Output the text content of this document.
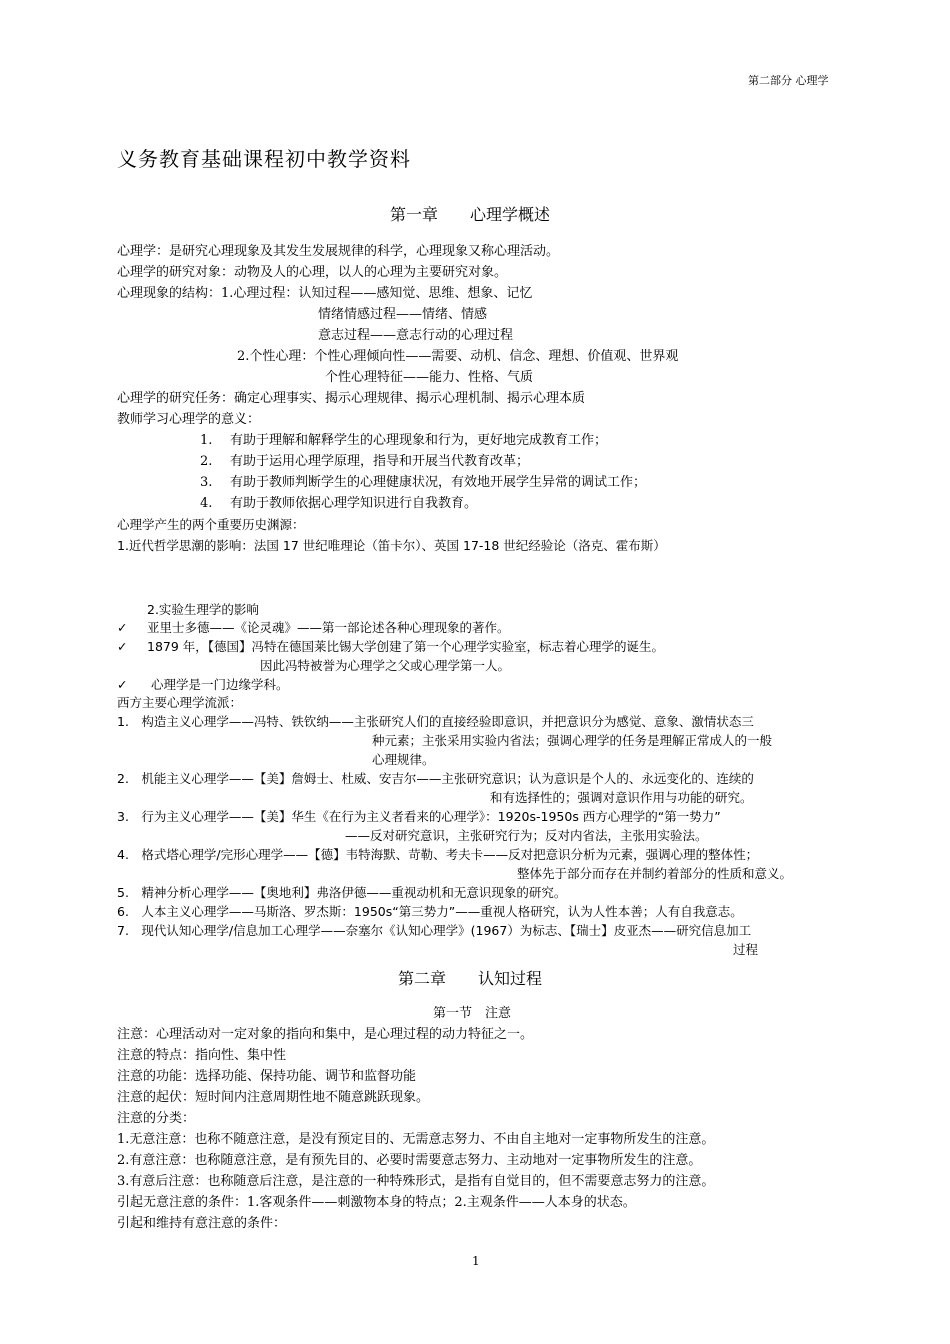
第二部分 心理学
义务教育基础课程初中教学资料
第一章　　心理学概述
心理学：是研究心理现象及其发生发展规律的科学，心理现象又称心理活动。
心理学的研究对象：动物及人的心理，以人的心理为主要研究对象。
心理现象的结构：1.心理过程：认知过程——感知觉、思维、想象、记忆
情绪情感过程——情绪、情感
意志过程——意志行动的心理过程
2.个性心理：个性心理倾向性——需要、动机、信念、理想、价值观、世界观
个性心理特征——能力、性格、气质
心理学的研究任务：确定心理事实、揭示心理规律、揭示心理机制、揭示心理本质
教师学习心理学的意义：
1. 有助于理解和解释学生的心理现象和行为，更好地完成教育工作；
2. 有助于运用心理学原理，指导和开展当代教育改革；
3. 有助于教师判断学生的心理健康状况，有效地开展学生异常的调试工作；
4. 有助于教师依据心理学知识进行自我教育。
心理学产生的两个重要历史渊源：
1.近代哲学思潮的影响：法国 17 世纪唯理论（笛卡尔）、英国 17-18 世纪经验论（洛克、霍布斯）
2.实验生理学的影响
✓ 亚里士多德——《论灵魂》——第一部论述各种心理现象的著作。
✓ 1879 年，【德国】冯特在德国莱比锡大学创建了第一个心理学实验室，标志着心理学的诞生。
因此冯特被誉为心理学之父或心理学第一人。
✓ 心理学是一门边缘学科。
西方主要心理学流派：
1.　构造主义心理学——冯特、铁钦纳——主张研究人们的直接经验即意识，并把意识分为感觉、意象、激情状态三
种元素；主张采用实验内省法；强调心理学的任务是理解正常成人的一般
心理规律。
2.　机能主义心理学——【美】詹姆士、杜威、安吉尔——主张研究意识；认为意识是个人的、永远变化的、连续的
和有选择性的；强调对意识作用与功能的研究。
3.　行为主义心理学——【美】华生《在行为主义者看来的心理学》：1920s-1950s 西方心理学的“第一势力”
——反对研究意识，主张研究行为；反对内省法，主张用实验法。
4.　格式塔心理学/完形心理学——【德】韦特海默、苛勒、考夫卡——反对把意识分析为元素，强调心理的整体性；
整体先于部分而存在并制约着部分的性质和意义。
5.　精神分析心理学——【奥地利】弗洛伊德——重视动机和无意识现象的研究。
6.　人本主义心理学——马斯洛、罗杰斯：1950s“第三势力”——重视人格研究，认为人性本善；人有自我意志。
7.　现代认知心理学/信息加工心理学——奈塞尔《认知心理学》(1967）为标志、【瑞士】皮亚杰——研究信息加工
过程
第二章　　认知过程
第一节　注意
注意：心理活动对一定对象的指向和集中，是心理过程的动力特征之一。
注意的特点：指向性、集中性
注意的功能：选择功能、保持功能、调节和监督功能
注意的起伏：短时间内注意周期性地不随意跳跃现象。
注意的分类：
1.无意注意：也称不随意注意，是没有预定目的、无需意志努力、不由自主地对一定事物所发生的注意。
2.有意注意：也称随意注意，是有预先目的、必要时需要意志努力、主动地对一定事物所发生的注意。
3.有意后注意：也称随意后注意，是注意的一种特殊形式，是指有自觉目的，但不需要意志努力的注意。
引起无意注意的条件：1.客观条件——刺激物本身的特点；2.主观条件——人本身的状态。
引起和维持有意注意的条件：
1
